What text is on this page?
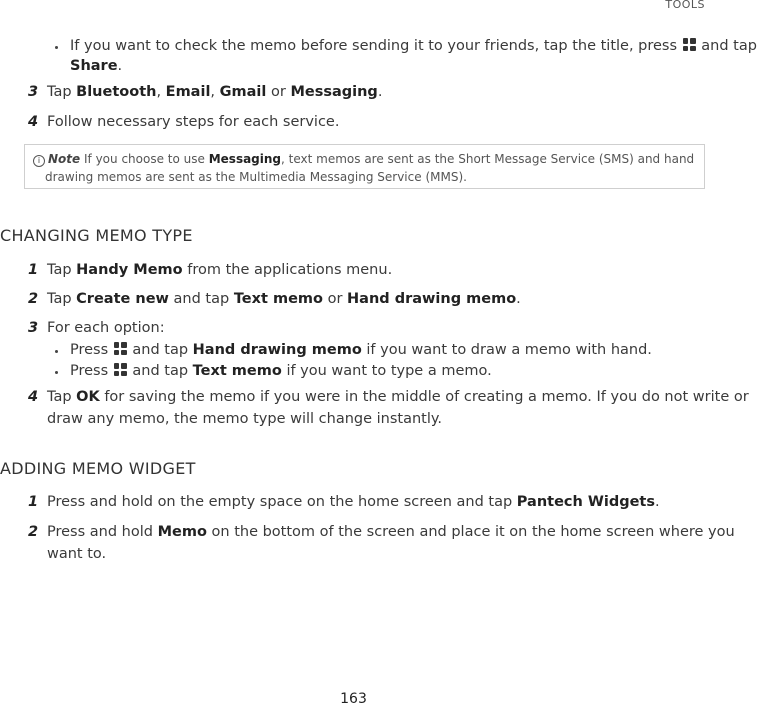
TOOLS
If you want to check the memo before sending it to your friends, tap the title, press and tap
Share.
3 Tap Bluetooth, Email, Gmail or Messaging.
4 Follow necessary steps for each service.
i Note If you choose to use Messaging, text memos are sent as the Short Message Service (SMS) and hand
drawing memos are sent as the Multimedia Messaging Service (MMS).
CHANGING MEMO TYPE
1 Tap Handy Memo from the applications menu.
2 Tap Create new and tap Text memo or Hand drawing memo.
3 For each option:
Press and tap Hand drawing memo if you want to draw a memo with hand.
Press and tap Text memo if you want to type a memo.
4 Tap OK for saving the memo if you were in the middle of creating a memo. If you do not write or
draw any memo, the memo type will change instantly.
ADDING MEMO WIDGET
1 Press and hold on the empty space on the home screen and tap Pantech Widgets.
2 Press and hold Memo on the bottom of the screen and place it on the home screen where you
want to.
163
